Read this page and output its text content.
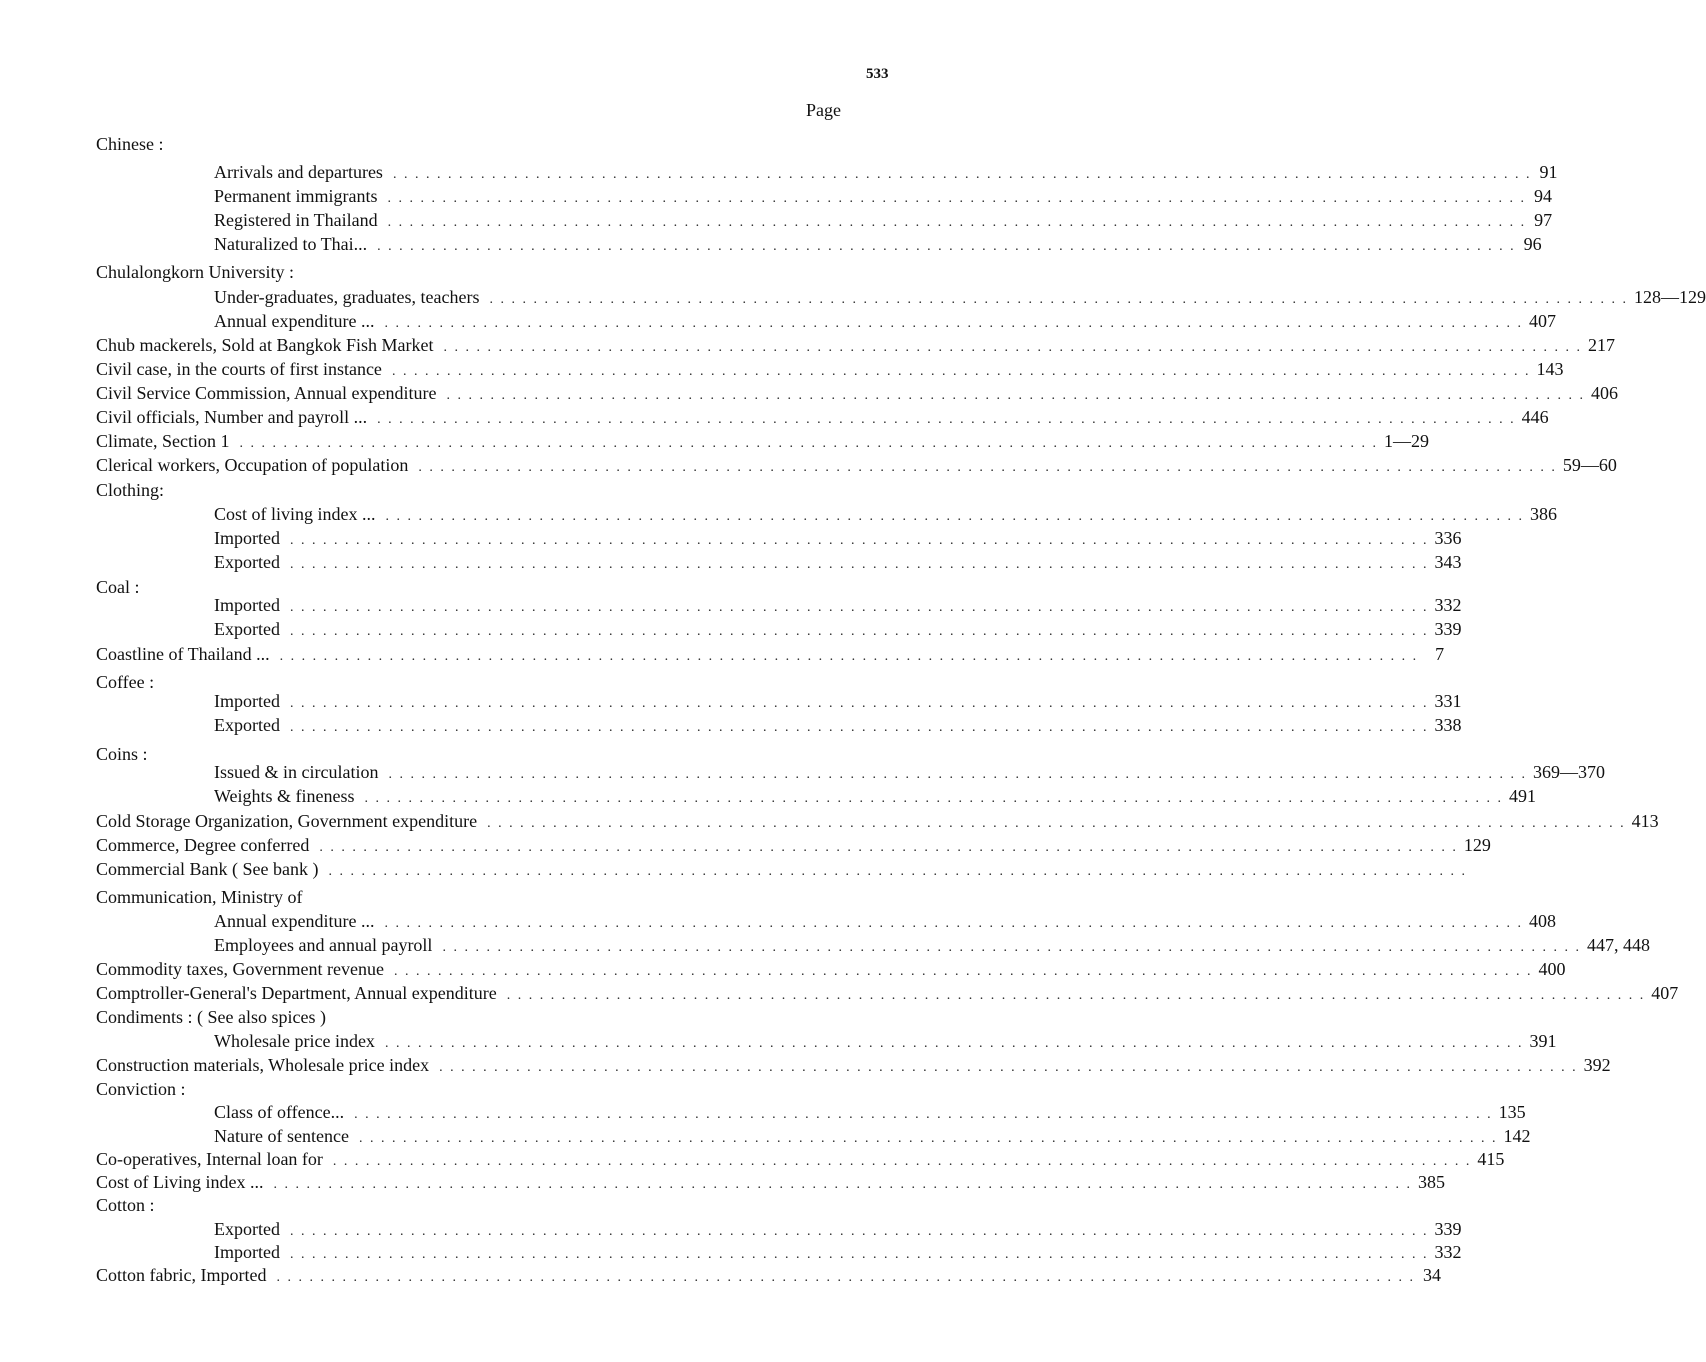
533
Page
Chinese :
Arrivals and departures . . . . . . . . . . . . . . . . . . . . . . . . . . . . . . . . . . . . . . . . . . . . . . . . . . . . . . . . . . . . . . . . . . . . . . . . . . . . . . . . . . . . . . . . . . . . . . . . . . . . . . . . 91
Permanent immigrants . . . . . . . . . . . . . . . . . . . . . . . . . . . . . . . . . . . . . . . . . . . . . . . . . . . . . . . . . . . . . . . . . . . . . . . . . . . . . . . . . . . . . . . . . . . . . . . . . . . . . . . . 94
Registered in Thailand . . . . . . . . . . . . . . . . . . . . . . . . . . . . . . . . . . . . . . . . . . . . . . . . . . . . . . . . . . . . . . . . . . . . . . . . . . . . . . . . . . . . . . . . . . . . . . . . . . . . . . . . 97
Naturalized to Thai... . . . . . . . . . . . . . . . . . . . . . . . . . . . . . . . . . . . . . . . . . . . . . . . . . . . . . . . . . . . . . . . . . . . . . . . . . . . . . . . . . . . . . . . . . . . . . . . . . . . . . . . . 96
Chulalongkorn University :
Under-graduates, graduates, teachers . . . . . . . . . . . . . . . . . . . . . . . . . . . . . . . . . . . . . . . . . . . . . . . . . . . . . . . . . . . . . . . . . . . . . . . . . . . . . . . . . . . . . . . . . . . . . . . . . . . . . . . . 128—129
Annual expenditure ... . . . . . . . . . . . . . . . . . . . . . . . . . . . . . . . . . . . . . . . . . . . . . . . . . . . . . . . . . . . . . . . . . . . . . . . . . . . . . . . . . . . . . . . . . . . . . . . . . . . . . . . . 407
Chub mackerels, Sold at Bangkok Fish Market . . . . . . . . . . . . . . . . . . . . . . . . . . . . . . . . . . . . . . . . . . . . . . . . . . . . . . . . . . . . . . . . . . . . . . . . . . . . . . . . . . . . . . . . . . . . . . . . . . . . . . . . 217
Civil case, in the courts of first instance . . . . . . . . . . . . . . . . . . . . . . . . . . . . . . . . . . . . . . . . . . . . . . . . . . . . . . . . . . . . . . . . . . . . . . . . . . . . . . . . . . . . . . . . . . . . . . . . . . . . . . . . 143
Civil Service Commission, Annual expenditure . . . . . . . . . . . . . . . . . . . . . . . . . . . . . . . . . . . . . . . . . . . . . . . . . . . . . . . . . . . . . . . . . . . . . . . . . . . . . . . . . . . . . . . . . . . . . . . . . . . . . . . . 406
Civil officials, Number and payroll ... . . . . . . . . . . . . . . . . . . . . . . . . . . . . . . . . . . . . . . . . . . . . . . . . . . . . . . . . . . . . . . . . . . . . . . . . . . . . . . . . . . . . . . . . . . . . . . . . . . . . . . . . 446
Climate, Section 1 . . . . . . . . . . . . . . . . . . . . . . . . . . . . . . . . . . . . . . . . . . . . . . . . . . . . . . . . . . . . . . . . . . . . . . . . . . . . . . . . . . . . . . . . . . . . . . . . . . . . . . . . 1—29
Clerical workers, Occupation of population . . . . . . . . . . . . . . . . . . . . . . . . . . . . . . . . . . . . . . . . . . . . . . . . . . . . . . . . . . . . . . . . . . . . . . . . . . . . . . . . . . . . . . . . . . . . . . . . . . . . . . . . 59—60
Clothing:
Cost of living index ... . . . . . . . . . . . . . . . . . . . . . . . . . . . . . . . . . . . . . . . . . . . . . . . . . . . . . . . . . . . . . . . . . . . . . . . . . . . . . . . . . . . . . . . . . . . . . . . . . . . . . . . . 386
Imported . . . . . . . . . . . . . . . . . . . . . . . . . . . . . . . . . . . . . . . . . . . . . . . . . . . . . . . . . . . . . . . . . . . . . . . . . . . . . . . . . . . . . . . . . . . . . . . . . . . . . . . . 336
Exported . . . . . . . . . . . . . . . . . . . . . . . . . . . . . . . . . . . . . . . . . . . . . . . . . . . . . . . . . . . . . . . . . . . . . . . . . . . . . . . . . . . . . . . . . . . . . . . . . . . . . . . . 343
Coal :
Imported . . . . . . . . . . . . . . . . . . . . . . . . . . . . . . . . . . . . . . . . . . . . . . . . . . . . . . . . . . . . . . . . . . . . . . . . . . . . . . . . . . . . . . . . . . . . . . . . . . . . . . . . 332
Exported . . . . . . . . . . . . . . . . . . . . . . . . . . . . . . . . . . . . . . . . . . . . . . . . . . . . . . . . . . . . . . . . . . . . . . . . . . . . . . . . . . . . . . . . . . . . . . . . . . . . . . . . 339
Coastline of Thailand ... . . . . . . . . . . . . . . . . . . . . . . . . . . . . . . . . . . . . . . . . . . . . . . . . . . . . . . . . . . . . . . . . . . . . . . . . . . . . . . . . . . . . . . . . . . . . . . . . . . . . . . . . 7
Coffee :
Imported . . . . . . . . . . . . . . . . . . . . . . . . . . . . . . . . . . . . . . . . . . . . . . . . . . . . . . . . . . . . . . . . . . . . . . . . . . . . . . . . . . . . . . . . . . . . . . . . . . . . . . . . 331
Exported . . . . . . . . . . . . . . . . . . . . . . . . . . . . . . . . . . . . . . . . . . . . . . . . . . . . . . . . . . . . . . . . . . . . . . . . . . . . . . . . . . . . . . . . . . . . . . . . . . . . . . . . 338
Coins :
Issued & in circulation . . . . . . . . . . . . . . . . . . . . . . . . . . . . . . . . . . . . . . . . . . . . . . . . . . . . . . . . . . . . . . . . . . . . . . . . . . . . . . . . . . . . . . . . . . . . . . . . . . . . . . . . 369—370
Weights & fineness . . . . . . . . . . . . . . . . . . . . . . . . . . . . . . . . . . . . . . . . . . . . . . . . . . . . . . . . . . . . . . . . . . . . . . . . . . . . . . . . . . . . . . . . . . . . . . . . . . . . . . . . 491
Cold Storage Organization, Government expenditure . . . . . . . . . . . . . . . . . . . . . . . . . . . . . . . . . . . . . . . . . . . . . . . . . . . . . . . . . . . . . . . . . . . . . . . . . . . . . . . . . . . . . . . . . . . . . . . . . . . . . . . . 413
Commerce, Degree conferred . . . . . . . . . . . . . . . . . . . . . . . . . . . . . . . . . . . . . . . . . . . . . . . . . . . . . . . . . . . . . . . . . . . . . . . . . . . . . . . . . . . . . . . . . . . . . . . . . . . . . . . . 129
Commercial Bank ( See bank ) . . . . . . . . . . . . . . . . . . . . . . . . . . . . . . . . . . . . . . . . . . . . . . . . . . . . . . . . . . . . . . . . . . . . . . . . . . . . . . . . . . . . . . . . . . . . . . . . . . . . . . . .
Communication, Ministry of
Annual expenditure ... . . . . . . . . . . . . . . . . . . . . . . . . . . . . . . . . . . . . . . . . . . . . . . . . . . . . . . . . . . . . . . . . . . . . . . . . . . . . . . . . . . . . . . . . . . . . . . . . . . . . . . . . 408
Employees and annual payroll . . . . . . . . . . . . . . . . . . . . . . . . . . . . . . . . . . . . . . . . . . . . . . . . . . . . . . . . . . . . . . . . . . . . . . . . . . . . . . . . . . . . . . . . . . . . . . . . . . . . . . . . 447, 448
Commodity taxes, Government revenue . . . . . . . . . . . . . . . . . . . . . . . . . . . . . . . . . . . . . . . . . . . . . . . . . . . . . . . . . . . . . . . . . . . . . . . . . . . . . . . . . . . . . . . . . . . . . . . . . . . . . . . . 400
Comptroller-General's Department, Annual expenditure . . . . . . . . . . . . . . . . . . . . . . . . . . . . . . . . . . . . . . . . . . . . . . . . . . . . . . . . . . . . . . . . . . . . . . . . . . . . . . . . . . . . . . . . . . . . . . . . . . . . . . . . 407
Condiments : ( See also spices )
Wholesale price index . . . . . . . . . . . . . . . . . . . . . . . . . . . . . . . . . . . . . . . . . . . . . . . . . . . . . . . . . . . . . . . . . . . . . . . . . . . . . . . . . . . . . . . . . . . . . . . . . . . . . . . . 391
Construction materials, Wholesale price index . . . . . . . . . . . . . . . . . . . . . . . . . . . . . . . . . . . . . . . . . . . . . . . . . . . . . . . . . . . . . . . . . . . . . . . . . . . . . . . . . . . . . . . . . . . . . . . . . . . . . . . . 392
Conviction :
Class of offence... . . . . . . . . . . . . . . . . . . . . . . . . . . . . . . . . . . . . . . . . . . . . . . . . . . . . . . . . . . . . . . . . . . . . . . . . . . . . . . . . . . . . . . . . . . . . . . . . . . . . . . . . 135
Nature of sentence . . . . . . . . . . . . . . . . . . . . . . . . . . . . . . . . . . . . . . . . . . . . . . . . . . . . . . . . . . . . . . . . . . . . . . . . . . . . . . . . . . . . . . . . . . . . . . . . . . . . . . . . 142
Co-operatives, Internal loan for . . . . . . . . . . . . . . . . . . . . . . . . . . . . . . . . . . . . . . . . . . . . . . . . . . . . . . . . . . . . . . . . . . . . . . . . . . . . . . . . . . . . . . . . . . . . . . . . . . . . . . . . 415
Cost of Living index ... . . . . . . . . . . . . . . . . . . . . . . . . . . . . . . . . . . . . . . . . . . . . . . . . . . . . . . . . . . . . . . . . . . . . . . . . . . . . . . . . . . . . . . . . . . . . . . . . . . . . . . . . 385
Cotton :
Exported . . . . . . . . . . . . . . . . . . . . . . . . . . . . . . . . . . . . . . . . . . . . . . . . . . . . . . . . . . . . . . . . . . . . . . . . . . . . . . . . . . . . . . . . . . . . . . . . . . . . . . . . 339
Imported . . . . . . . . . . . . . . . . . . . . . . . . . . . . . . . . . . . . . . . . . . . . . . . . . . . . . . . . . . . . . . . . . . . . . . . . . . . . . . . . . . . . . . . . . . . . . . . . . . . . . . . . 332
Cotton fabric, Imported . . . . . . . . . . . . . . . . . . . . . . . . . . . . . . . . . . . . . . . . . . . . . . . . . . . . . . . . . . . . . . . . . . . . . . . . . . . . . . . . . . . . . . . . . . . . . . . . . . . . . . . . 34
